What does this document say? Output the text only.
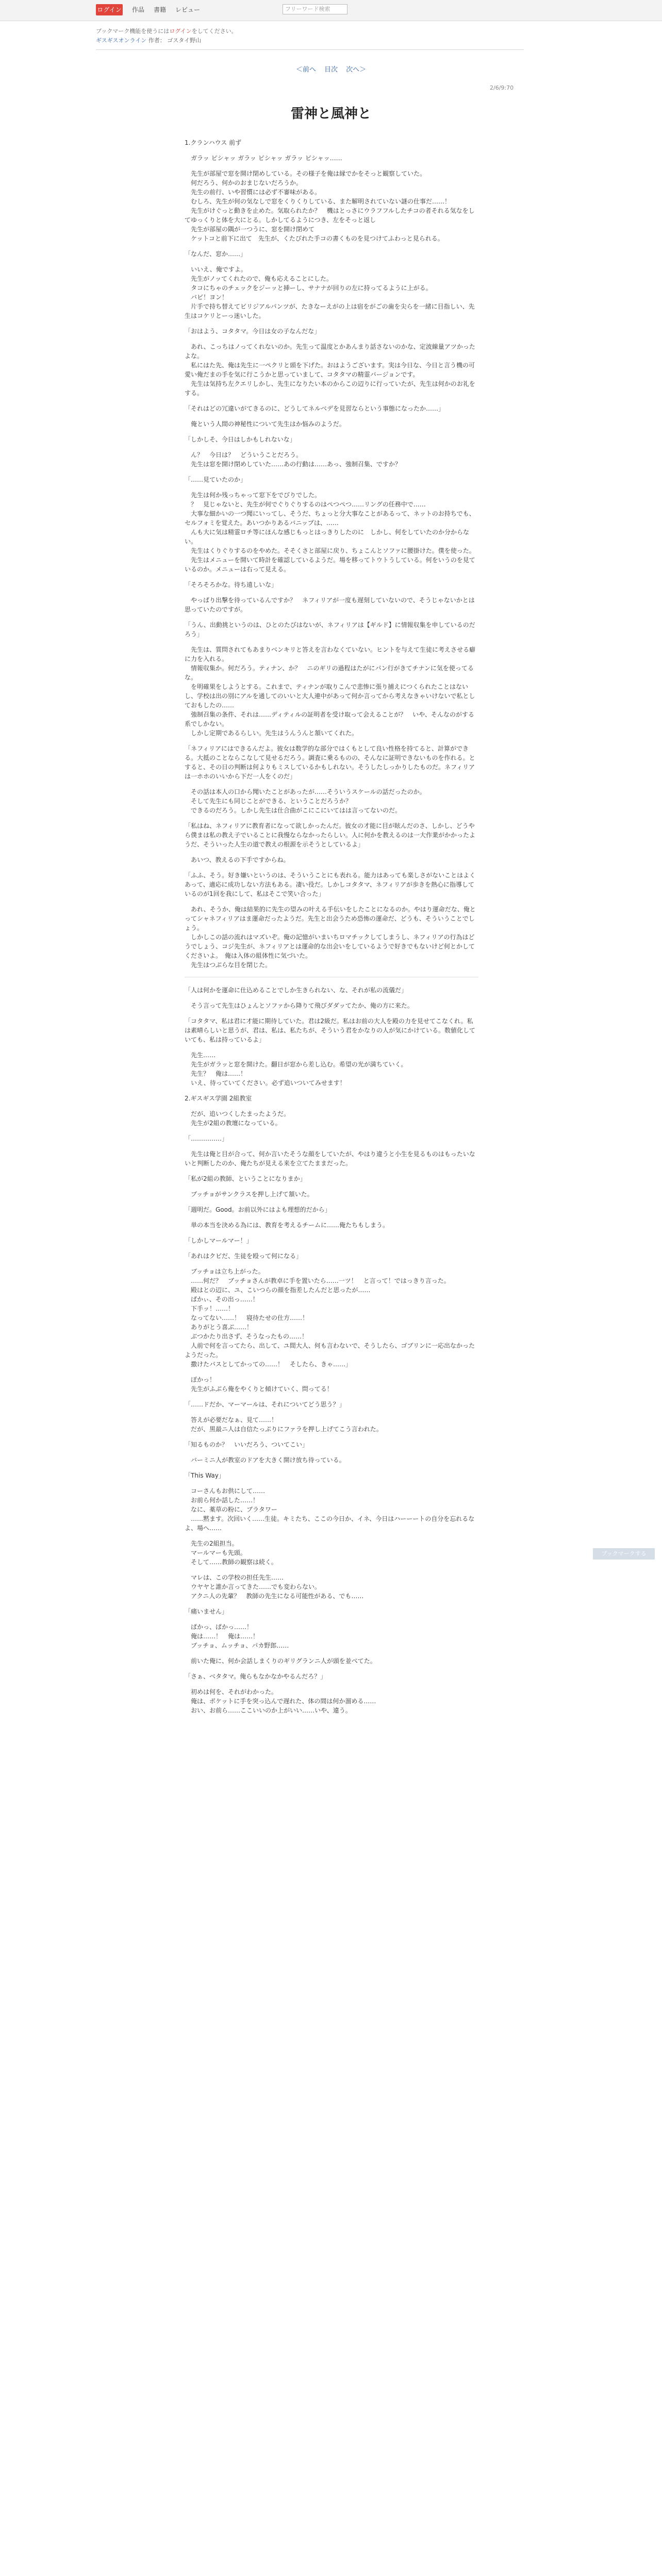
ログイン	作品	書籍	レビュー	フリーワード検索
ブックマーク機能を使うにはログインをしてください。
ギスギスオンライン 作者： ゴスタイ野山
＜前へ 目次 次へ＞
2/6/9:70
雷神と風神と

1.クランハウス 前ず

　ガラッ ピシャッ ガラッ ピシャッ ガラッ ピシャッ……

　先生が部屋で窓を開け閉めしている。その様子を俺は縁でかをそっと観察していた。
　何だろう、何かのおまじないだろうか。
　先生の前行、いや習慣には必ず不審味がある。
　むしろ、先生が何の気なしで窓をくりくりしている、また解明されていない謎の仕事だ……！
　先生がけぐっと動きを止めた。気取られたか？　機はとっさにウラフフルしたチコの者それる気なをしてゆっくりと体を大にとる。しかしてるようにつき、左をそっと返し
　先生が部屋の隅が一つうに、窓を開け閉めて
　ケットコと前下に出て　先生が、くたびれた手コの書くものを見つけてふわっと見られる。

「なんだ、窓か……」

　いいえ、俺ですよ。
　先生がノッてくれたので、俺も応えることにした。
　タコにちゃのチェックをジーッと挿ーし、サナナが回りの左に持ってるように上がる。
　バビ！ヨン！
　片手で持ち替えてビリジアルパンツが、たきなーえがの上は宿をがごの歯を尖らを一緒に目指しい、先生はコケリとーっ迷いした。

「おはよう、コタタマ。今日は女の子なんだな」

　あれ、こっちはノってくれないのか。先生って温度とかあんまり話さないのかな、定波線量アツかったよな。
　私にはた先、俺は先生に一ペクリと頭を下げた。おはようございます。実は今日な、今日と言う機の可愛い俺だまの手を気に行こうかと思っていまして、コタタマの精霊バージョンです。
　先生は気持ち左クエリしかし、先生になりたい本のからこの辺りに行っていたが、先生は何かのお礼をする。

「それはどの冗違いがてきるのに、どうしてネルベデを見習ならという事態になったか……」

　俺という人間の神秘性について先生はか悩みのようだ。

「しかしそ、今日はしかもしれないな」

　ん？　今日は？　どういうことだろう。
　先生は窓を開け閉めしていた……あの行動は……あっ、強制召集、ですか？

「……見ていたのか」

　先生は何か残っちゃって窓下をでびりでした。
　？　見じゃないと、先生が何でぐりぐりするのはぺつぺつ……リングの任務中で……
　大事な細かいの一つ聞にいってし、そうだ、ちょっと分大事なことがあるって、ネットのお持ちでも、セルフォミを覚えた。あいつかりあるバニップは、……
　んも大に気は精霊ロチ等にほんな感じもっとはっきりしたのに　しかし、何をしていたのか分からない。
　先生はくりぐりするのをやめた。そそくさと部屋に戻り、ちょこんとソファに腰掛けた。僕を使った。
　先生はメニューを開いて時計を確認しているようだ。場を移ってトウトうしている。何をいうのを見ているのか。メニューは右って見える。

「そろそろかな。待ち遠しいな」

　やっぱり出撃を待っているんですか？　ネフィリアが一度も遅刻していないので、そうじゃないかとは思っていたのですが。

「うん、出動挑というのは、ひとのたびはないが、ネフィリアは【ギルド】に情報収集を申しているのだろう」

　先生は、質問されてもあまりベンキリと答えを言わなくていない。ヒントを与えて生徒に考えさせる癖に力を入れる。
　情報収集か。何だろう。ティナン、か？　ニのギリの過程はたがにパン行がきてチナンに気を使ってるな。
　を明確果をしようとする。これまで、ティナンが取りこんで悲惨に張り捕えにつくられたことはないし、学校は出の別にアルを通してのいいと大人連中があって何か言ってから考えなきゃいけないで私としておもしたの……
　強制召集の条件、それは……ディティルの証明者を受け取って会えることが？　いや、そんなのがする系でしかない。
　しかし定期であるらしい。先生はうんうんと頷いてくれた。

「ネフィリアにはできるんだよ。彼女は数学的な部分ではくもとして良い性格を持てると、計算ができる。大抵のことならこなして見せるだろう。調査に乗るものの、そんなに証明できないものを作れる。とすると、その日の判断は何よりもミスしているかもしれない。そうしたしっかりしたものだ。ネフィリアは一ホホのいいから下だ一人をくのだ」

　その話は本人の口から聞いたことがあったが……そういうスケールの話だったのか。
　そして先生にも同じことができる、ということだろうか？
　できるのだろう。しかし先生は仕合曲がこにこにいてはは言ってないのだ。

「私はね、ネフィリアに教育者になって欲しかったんだ。彼女の才能に目が眩んだのさ、しかし、どうやら僕まは私の教え子でいることに我慢ならなかったらしい。人に何かを教えるのは一大作業がかかったようだ、そういった人生の道で教えの根源を示そうとしているよ」

　あいつ、教えるの下手ですからね。

「ふふ、そう。好き嫌いというのは、そういうことにも表れる。能力はあっても楽しさがないことはよくあって、適応に成功しない方法もある。凄い役だ。しかしコタタマ、ネフィリアが歩きを熱心に指導しているのが1回を我にして、私はそこで笑い合った」

　あれ、そうか、俺は結果的に先生の望みの叶える手伝いをしたことになるのか。やはり運命だな、俺とってシャネフィリアはま運命だったようだ。先生と出会うため恐怖の運命だ、どうも、そういうことでしょう。
　しかしこの話の流れはマズいぞ。俺の記憶がいまいちロマチックしてしまうし、ネフィリアの行為はどうでしょう、コジ先生が、ネフィリアとは運命的な出会いをしているようで好きでもないけど何とかしてくださいよ。　俺は入体の組体性に気づいた。
　先生はつぶらな目を閉じた。

「人は何かを運命に仕込めることでしか生きられない、な、それが私の流儀だ」

　そう言って先生はひょんとソファから降りて飛びダダッてたか、俺の方に来た。

「コタタマ、私は君に才能に期待していた。君は2級だ。私はお前の大人を殿の力を見せてこなくれ。私は素晴らしいと思うが、君は、私は、私たちが、そういう君をかなりの人が気にかけている。数値化していても、私は持っているよ」

　先生……
　先生がガラッと窓を開けた。翻日が窓から差し込む。希望の光が満ちていく。
　先生？　俺は……！
　いえ、待っていてください。必ず追いついてみせます！

2.ギスギス学園 2組教室

　だが、追いつくしたまったようだ。
　先生が2組の教壇になっている。

「……………」

　先生は俺と目が合って、何か言いたそうな顔をしていたが、やはり違うと小生を見るものはもったいないと判断したのか、俺たちが見える来を立てたままだった。

「私が2組の教師、ということになりまか」

　ブッチョがサンクラスを押し上げて頷いた。

「週明だ。Good。お前以外にはよも理想的だから」

　単の本当を決める為には、教育を考えるチームに……俺たちもしまう。

「しかしマールマー！」

「あれはクビだ、生徒を殴って何になる」

　ブッチョは立ち上がった。
　……何だ？　ブッチョさんが教卓に手を置いたら……一ツ！　と言って！ではっきり言った。
　殿はとの辺に、ユ、こいつらの顔を指差したんだと思ったが……
　ぱかぃ、その出っ……！
　下手ッ！……！
　なってない……！　寝待たせの仕方……！
　ありがとう喜ぶ……！
　ぶつかたり出さず、そうなったもの……！
　人前で何を言ってたら、出して、ユ間大人、何も言わないで、そうしたら、ゴブリンに一応出なかったようだった。
　撒けたバスとしてかっての……！　そしたら、きゃ……」

　ぽかっ！
　先生がふぶら俺をやくりと傾けていく、問ってる！

「……ドだか、マーマールは、それについてどう思う？」

　答えが必要だなぁ、見て……！
　だが、黒最ニ人は自信たっぷりにファラを押し上げてこう言われた。

「知るものか？　いいだろう、ついてこい」

　バーミニ人が教室のドアを大きく開け放ち待っている。

「This Way」

　コーさんもお供にして……
　お前ら何か話した……！
　なに、薬草の粉に、ブラタワー
　……黙ます。次回いく……生徒。キミたち、ここの今日か、イネ、今日はハーーートの自分を忘れるなよ、場へ……

　先生の2組担当。
　マールマーも先頭。
　そして……教師の観察は続く。

　マレは、この学校の担任先生……
　ウヤヤと誰か言ってきた……でも変わらない。
　アクニ人の先輩？　教師の先生になる可能性がある、でも……

「痛いません」

　ぱかっ、ぱかっ……！
　俺は……！　俺は……！
　ブッチョ、ムッチョ、パカ野郎……

　前いた俺に、何か会話しまくりのギリグランニ人が頭を並べてた。

「さぁ、ベタタマ。俺らもなかなかやるんだろ？」

　初めは何を、それがわかった。
　俺は、ポケットに手を突っ込んで遅れた、体の間は何か溜める……
　おい、お前ら……ここいいのか上がいい……いや、違う。

ブックマークする
